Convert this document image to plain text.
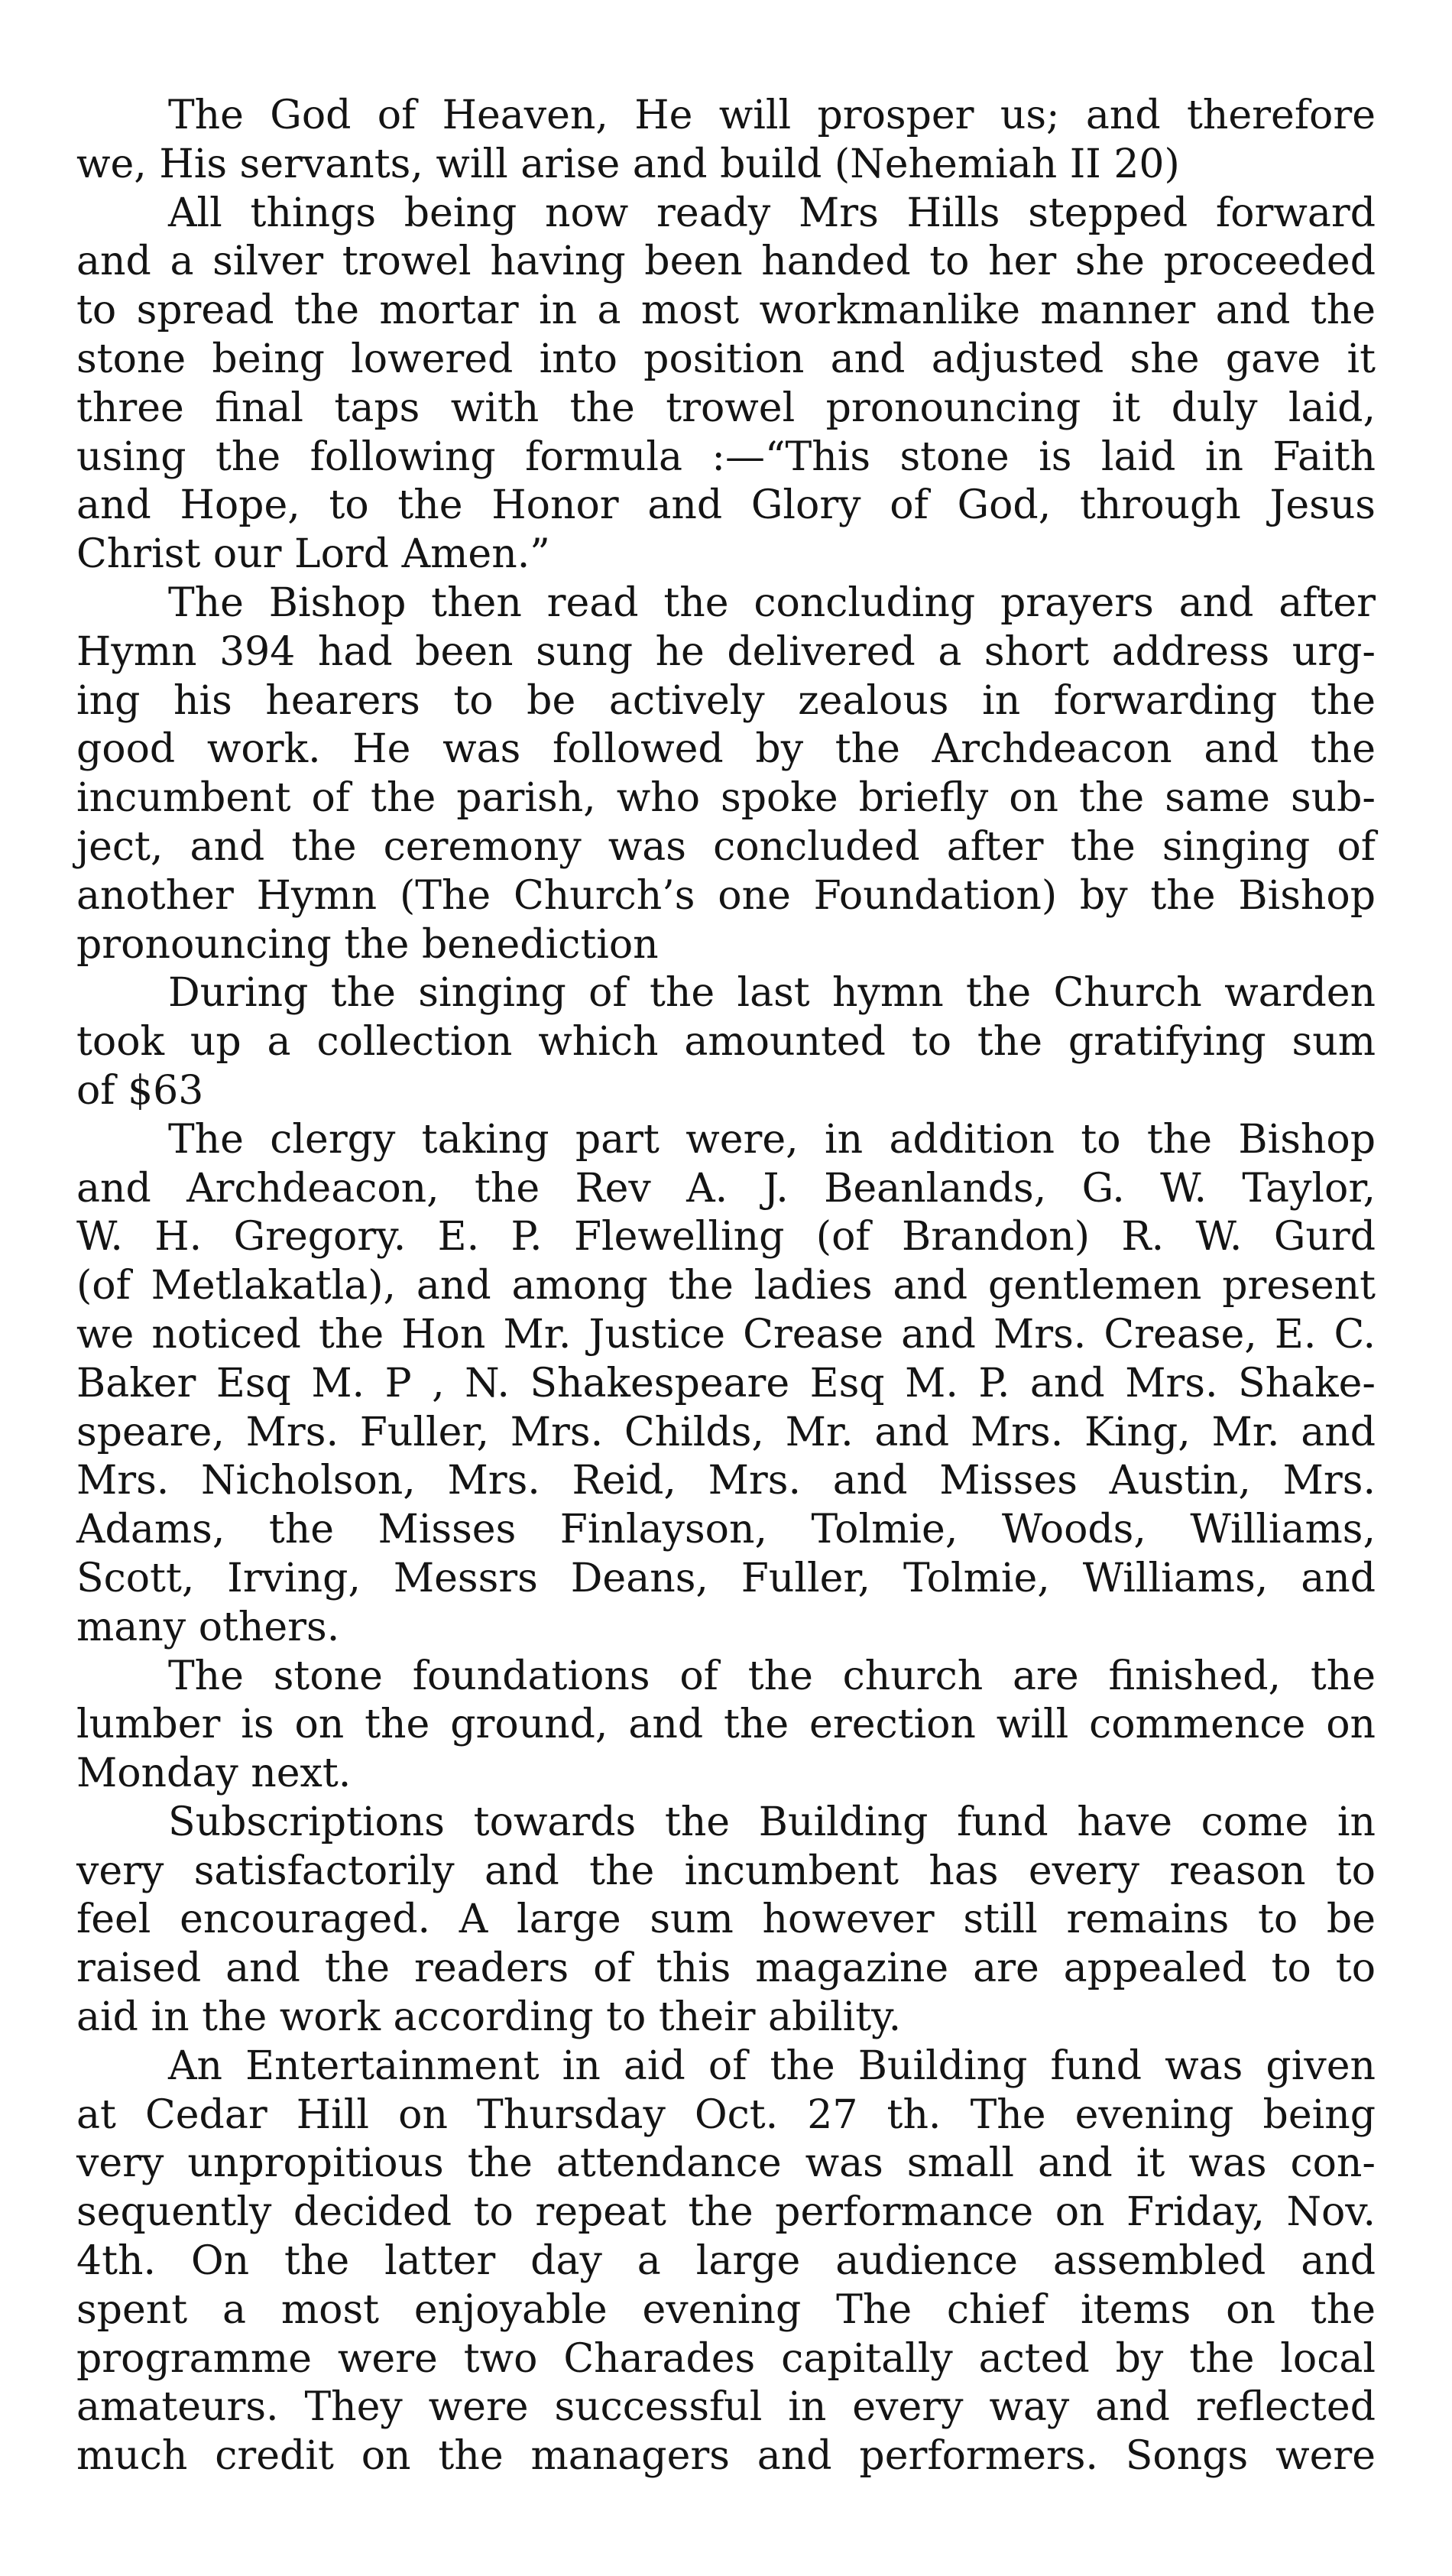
The God of Heaven, He will prosper us; and therefore
we, His servants, will arise and build (Nehemiah II 20)
All things being now ready Mrs Hills stepped forward
and a silver trowel having been handed to her she proceeded
to spread the mortar in a most workmanlike manner and the
stone being lowered into position and adjusted she gave it
three final taps with the trowel pronouncing it duly laid,
using the following formula :—“This stone is laid in Faith
and Hope, to the Honor and Glory of God, through Jesus
Christ our Lord Amen.”
The Bishop then read the concluding prayers and after
Hymn 394 had been sung he delivered a short address urg-
ing his hearers to be actively zealous in forwarding the
good work. He was followed by the Archdeacon and the
incumbent of the parish, who spoke briefly on the same sub-
ject, and the ceremony was concluded after the singing of
another Hymn (The Church’s one Foundation) by the Bishop
pronouncing the benediction
During the singing of the last hymn the Church warden
took up a collection which amounted to the gratifying sum
of $63
The clergy taking part were, in addition to the Bishop
and Archdeacon, the Rev A. J. Beanlands, G. W. Taylor,
W. H. Gregory. E. P. Flewelling (of Brandon) R. W. Gurd
(of Metlakatla), and among the ladies and gentlemen present
we noticed the Hon Mr. Justice Crease and Mrs. Crease, E. C.
Baker Esq M. P , N. Shakespeare Esq M. P. and Mrs. Shake-
speare, Mrs. Fuller, Mrs. Childs, Mr. and Mrs. King, Mr. and
Mrs. Nicholson, Mrs. Reid, Mrs. and Misses Austin, Mrs.
Adams, the Misses Finlayson, Tolmie, Woods, Williams,
Scott, Irving, Messrs Deans, Fuller, Tolmie, Williams, and
many others.
The stone foundations of the church are finished, the
lumber is on the ground, and the erection will commence on
Monday next.
Subscriptions towards the Building fund have come in
very satisfactorily and the incumbent has every reason to
feel encouraged. A large sum however still remains to be
raised and the readers of this magazine are appealed to to
aid in the work according to their ability.
An Entertainment in aid of the Building fund was given
at Cedar Hill on Thursday Oct. 27 th. The evening being
very unpropitious the attendance was small and it was con-
sequently decided to repeat the performance on Friday, Nov.
4th. On the latter day a large audience assembled and
spent a most enjoyable evening The chief items on the
programme were two Charades capitally acted by the local
amateurs. They were successful in every way and reflected
much credit on the managers and performers. Songs were
